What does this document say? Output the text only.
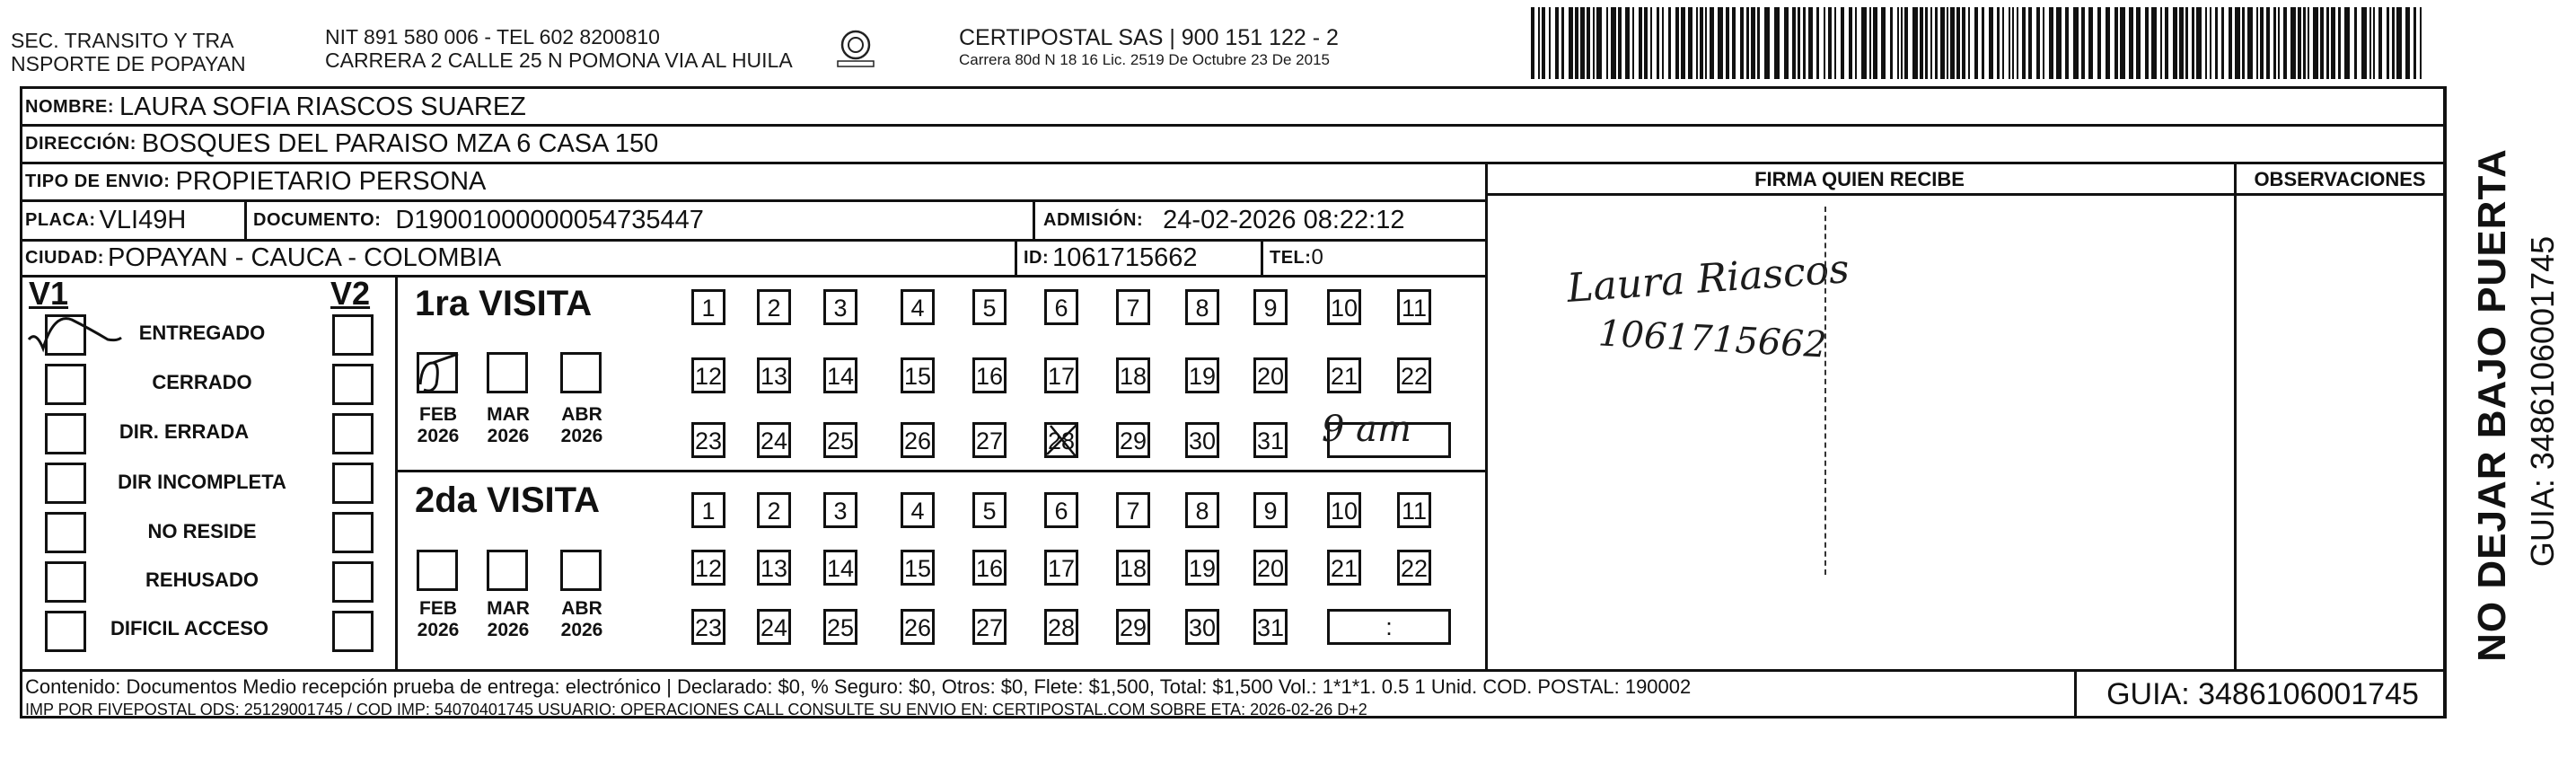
SEC. TRANSITO Y TRA
NSPORTE DE POPAYAN
NIT 891 580 006 - TEL 602 8200810
CARRERA 2 CALLE 25 N POMONA VIA AL HUILA
CERTIPOSTAL SAS | 900 151 122 - 2
Carrera 80d N 18 16 Lic. 2519 De Octubre 23 De 2015
NOMBRE: LAURA SOFIA RIASCOS SUAREZ
DIRECCIÓN: BOSQUES DEL PARAISO MZA 6 CASA 150
TIPO DE ENVIO: PROPIETARIO PERSONA
PLACA: VLI49H	DOCUMENTO: D19001000000054735447	ADMISIÓN: 24-02-2026 08:22:12
CIUDAD: POPAYAN - CAUCA - COLOMBIA	ID: 1061715662	TEL: 0
FIRMA QUIEN RECIBE	OBSERVACIONES
Laura Riascos
1061715662
V1	V2
ENTREGADO
CERRADO
DIR. ERRADA
DIR INCOMPLETA
NO RESIDE
REHUSADO
DIFICIL ACCESO
1ra VISITA
2da VISITA
1	2	3	4	5	6	7	8	9	10 11
12 13 14 15 16 17 18 19 20 21 22
23 24 25 26 27 28 29 30 31
1	2	3	4	5	6	7	8	9	10 11
12 13 14 15 16 17 18 19 20 21 22
23 24 25 26 27 28 29 30 31	:
FEB
2026
MAR
2026
ABR
2026
FEB
2026
MAR
2026
ABR
2026
9 am	NO DEJAR BAJO PUERTA GUIA: 3486106001745
Contenido: Documentos Medio recepción prueba de entrega: electrónico | Declarado: $0, % Seguro: $0, Otros: $0, Flete: $1,500, Total: $1,500 Vol.: 1*1*1. 0.5 1 Unid. COD. POSTAL: 190002
IMP POR FIVEPOSTAL ODS: 25129001745 / COD IMP: 54070401745 USUARIO: OPERACIONES CALL CONSULTE SU ENVIO EN: CERTIPOSTAL.COM SOBRE ETA: 2026-02-26 D+2	GUIA: 3486106001745
